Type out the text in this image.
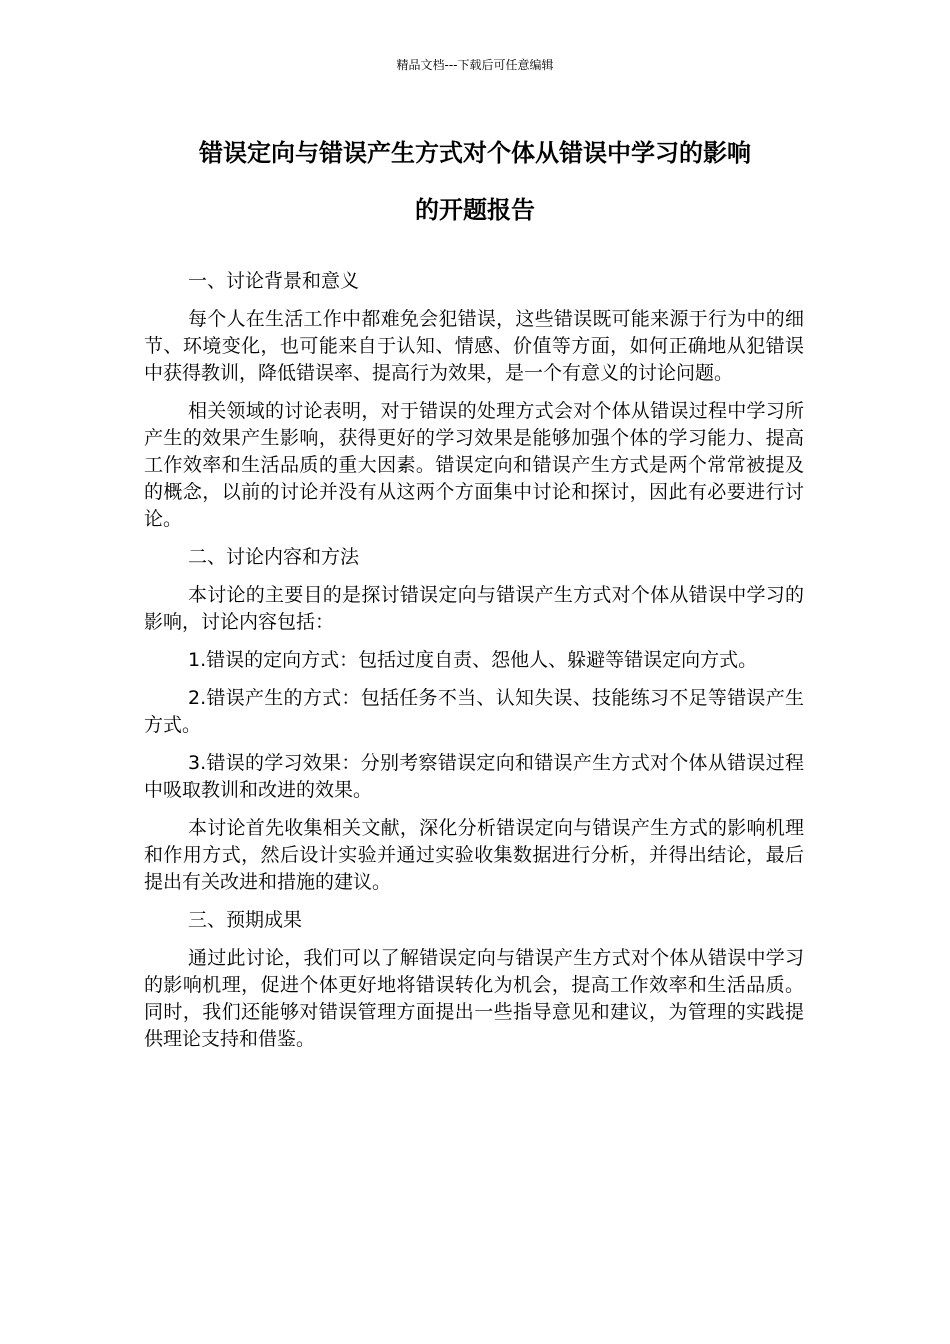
精品文档---下载后可任意编辑
错误定向与错误产生方式对个体从错误中学习的影响
的开题报告

一、讨论背景和意义

每个人在生活工作中都难免会犯错误，这些错误既可能来源于行为中的细节、环境变化，也可能来自于认知、情感、价值等方面，如何正确地从犯错误中获得教训，降低错误率、提高行为效果，是一个有意义的讨论问题。

相关领域的讨论表明，对于错误的处理方式会对个体从错误过程中学习所产生的效果产生影响，获得更好的学习效果是能够加强个体的学习能力、提高工作效率和生活品质的重大因素。错误定向和错误产生方式是两个常常被提及的概念，以前的讨论并没有从这两个方面集中讨论和探讨，因此有必要进行讨论。

二、讨论内容和方法

本讨论的主要目的是探讨错误定向与错误产生方式对个体从错误中学习的影响，讨论内容包括：

1.错误的定向方式：包括过度自责、怨他人、躲避等错误定向方式。

2.错误产生的方式：包括任务不当、认知失误、技能练习不足等错误产生方式。

3.错误的学习效果：分别考察错误定向和错误产生方式对个体从错误过程中吸取教训和改进的效果。

本讨论首先收集相关文献，深化分析错误定向与错误产生方式的影响机理和作用方式，然后设计实验并通过实验收集数据进行分析，并得出结论，最后提出有关改进和措施的建议。

三、预期成果

通过此讨论，我们可以了解错误定向与错误产生方式对个体从错误中学习的影响机理，促进个体更好地将错误转化为机会，提高工作效率和生活品质。同时，我们还能够对错误管理方面提出一些指导意见和建议，为管理的实践提供理论支持和借鉴。
